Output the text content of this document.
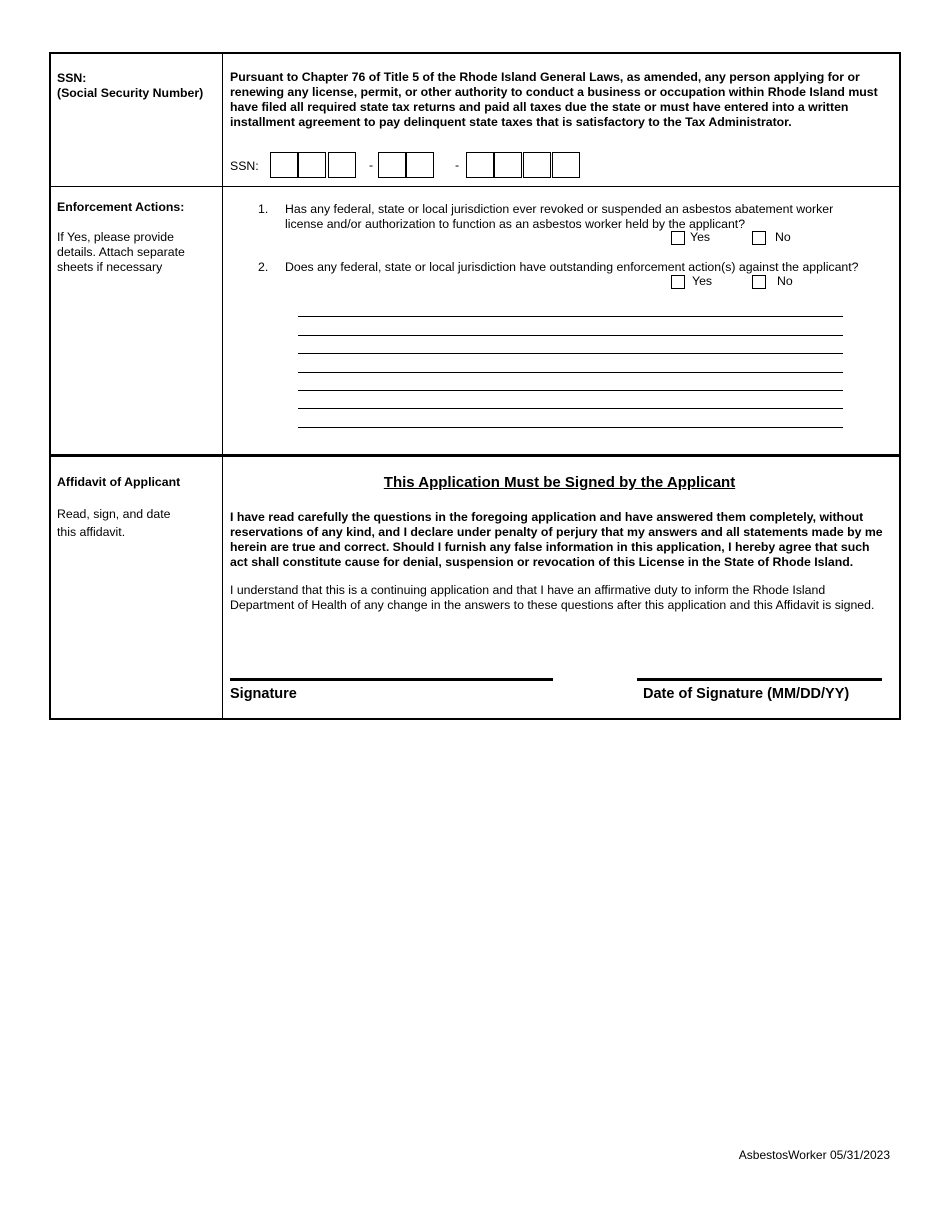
SSN:
(Social Security Number)
Pursuant to Chapter 76 of Title 5 of the Rhode Island General Laws, as amended, any person applying for or renewing any license, permit, or other authority to conduct a business or occupation within Rhode Island must have filed all required state tax returns and paid all taxes due the state or must have entered into a written installment agreement to pay delinquent state taxes that is satisfactory to the Tax Administrator.
SSN:	-	-
Enforcement Actions:
If Yes, please provide details. Attach separate sheets if necessary
1. Has any federal, state or local jurisdiction ever revoked or suspended an asbestos abatement worker license and/or authorization to function as an asbestos worker held by the applicant?
Yes	No
2. Does any federal, state or local jurisdiction have outstanding enforcement action(s) against the applicant?
Yes	No
Affidavit of Applicant
Read, sign, and date this affidavit.
This Application Must be Signed by the Applicant
I have read carefully the questions in the foregoing application and have answered them completely, without reservations of any kind, and I declare under penalty of perjury that my answers and all statements made by me herein are true and correct. Should I furnish any false information in this application, I hereby agree that such act shall constitute cause for denial, suspension or revocation of this License in the State of Rhode Island.
I understand that this is a continuing application and that I have an affirmative duty to inform the Rhode Island Department of Health of any change in the answers to these questions after this application and this Affidavit is signed.
Signature	Date of Signature (MM/DD/YY)
AsbestosWorker 05/31/2023
